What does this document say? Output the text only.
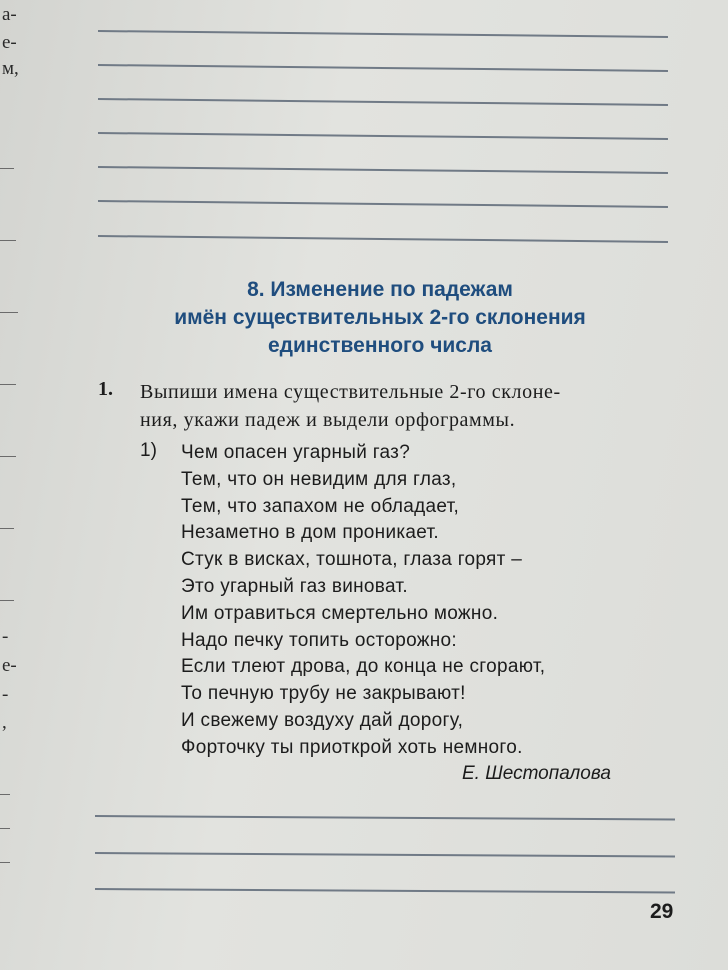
а-
е-
м,
-
е-
-
,
8. Изменение по падежам
имён существительных 2-го склонения
единственного числа
1. Выпиши имена существительные 2-го склоне-
ния, укажи падеж и выдели орфограммы.
1) Чем опасен угарный газ?
Тем, что он невидим для глаз,
Тем, что запахом не обладает,
Незаметно в дом проникает.
Стук в висках, тошнота, глаза горят –
Это угарный газ виноват.
Им отравиться смертельно можно.
Надо печку топить осторожно:
Если тлеют дрова, до конца не сгорают,
То печную трубу не закрывают!
И свежему воздуху дай дорогу,
Форточку ты приоткрой хоть немного.
Е. Шестопалова
29
